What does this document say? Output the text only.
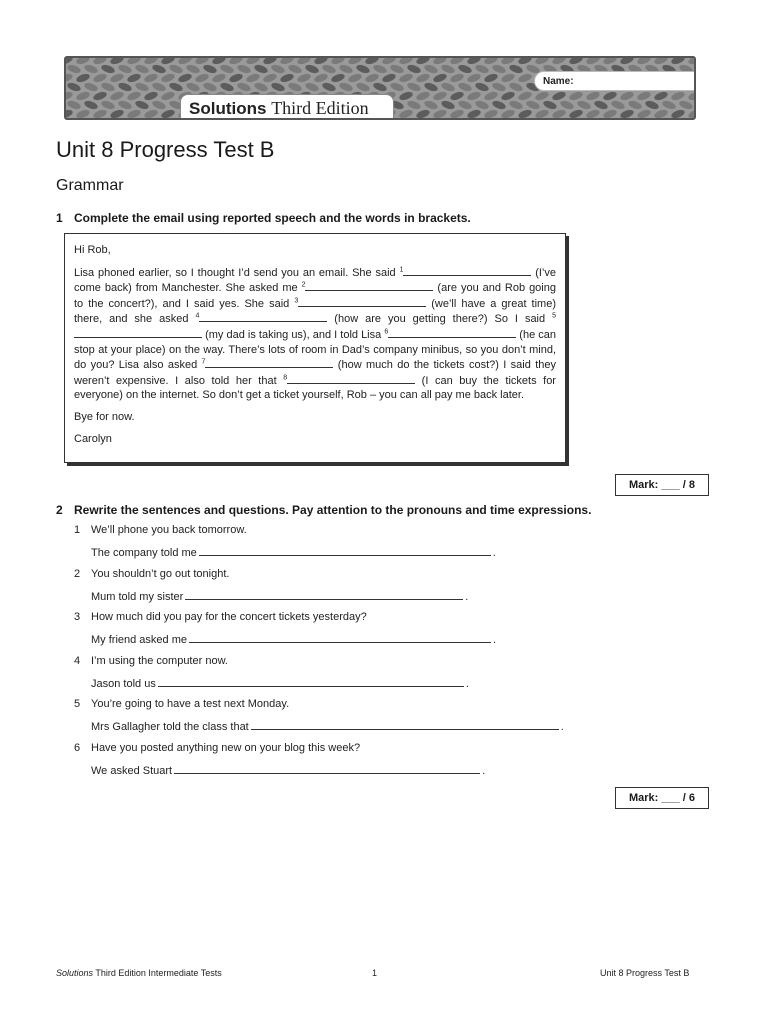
Name:
Solutions Third Edition
Unit 8 Progress Test B
Grammar
1 Complete the email using reported speech and the words in brackets.

Hi Rob,

Lisa phoned earlier, so I thought I’d send you an email. She said $^1$	(I’ve come back) from Manchester. She asked me $^2$	(are you and Rob going to the concert?), and I said yes. She said $^3$	(we’ll have a great time) there, and she asked $^4$	(how are you getting there?) So I said $^5$ (my dad is taking us), and I told Lisa $^6$	(he can stop at your place) on the way. There’s lots of room in Dad’s company minibus, so you don’t mind, do you? Lisa also asked $^7$	(how much do the tickets cost?) I said they weren’t expensive. I also told her that $^8$	(I can buy the tickets for everyone) on the internet. So don’t get a ticket yourself, Rob – you can all pay me back later.

Bye for now.

Carolyn

Mark: ___ / 8
2 Rewrite the sentences and questions. Pay attention to the pronouns and time expressions.
1 We’ll phone you back tomorrow.
The company told me	.
2 You shouldn’t go out tonight.
Mum told my sister	.
3 How much did you pay for the concert tickets yesterday?
My friend asked me	.
4 I’m using the computer now.
Jason told us	.
5 You’re going to have a test next Monday.
Mrs Gallagher told the class that	.
6 Have you posted anything new on your blog this week?
We asked Stuart	.
Mark: ___ / 6
Solutions Third Edition Intermediate Tests	1	Unit 8 Progress Test B
